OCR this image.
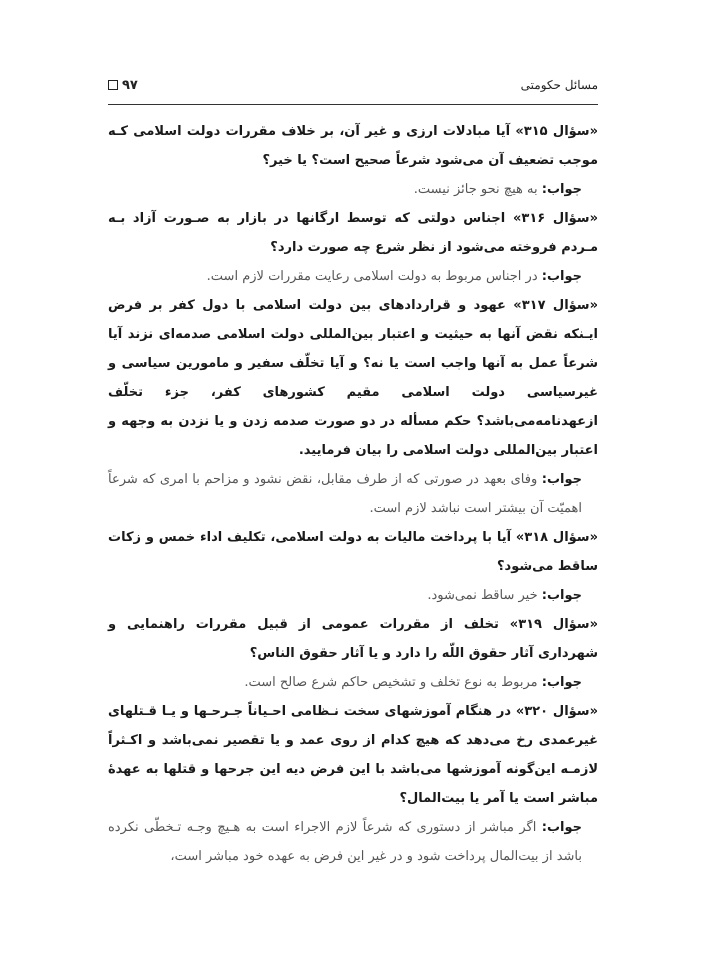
مسائل حکومتی
۹۷

«سؤال ۳۱۵» آیا مبادلات ارزی و غیر آن، بر خلاف مقررات دولت اسلامی کـه موجب تضعیف آن می‌شود شرعاً صحیح است؟ یا خیر؟

جواب: به هیچ نحو جائز نیست.

«سؤال ۳۱۶» اجناس دولتی که توسط ارگانها در بازار به صـورت آزاد بـه مـردم فروخته می‌شود از نظر شرع چه صورت دارد؟

جواب: در اجناس مربوط به دولت اسلامی رعایت مقررات لازم است.

«سؤال ۳۱۷» عهود و قراردادهای بین دولت اسلامی با دول کفر بر فرض ایـنکه نقض آنها به حیثیت و اعتبار بین‌المللی دولت اسلامی صدمه‌ای نزند آیا شرعاً عمل به آنها واجب است یا نه؟ و آیا تخلّف سفیر و مامورین سیاسی و غیرسیاسی دولت اسلامی مقیم کشورهای کفر، جزء تخلّف ازعهدنامه‌می‌باشد؟ حکم مسأله در دو صورت صدمه زدن و یا نزدن به وجهه و اعتبار بین‌المللی دولت اسلامی را بیان فرمایید.

جواب: وفای بعهد در صورتی که از طرف مقابل، نقض نشود و مزاحم با امری که شرعاً اهمیّت آن بیشتر است نباشد لازم است.

«سؤال ۳۱۸» آیا با پرداخت مالیات به دولت اسلامی، تکلیف اداء خمس و زکات ساقط می‌شود؟

جواب: خیر ساقط نمی‌شود.

«سؤال ۳۱۹» تخلف از مقررات عمومی از قبیل مقررات راهنمایی و شهرداری آثار حقوق اللّه را دارد و یا آثار حقوق الناس؟

جواب: مربوط به نوع تخلف و تشخیص حاکم شرع صالح است.

«سؤال ۳۲۰» در هنگام آموزشهای سخت نـظامی احـیاناً جـرحـها و یـا قـتلهای غیرعمدی رخ می‌دهد که هیچ کدام از روی عمد و یا تقصیر نمی‌باشد و اکـثراً لازمـه این‌گونه آموزشها می‌باشد با این فرض دیه این جرحها و قتلها به عهدهٔ مباشر است یا آمر یا بیت‌المال؟

جواب: اگر مباشر از دستوری که شرعاً لازم الاجراء است به هـیچ وجـه تـخطّی نکرده باشد از بیت‌المال پرداخت شود و در غیر این فرض به عهده خود مباشر است،
